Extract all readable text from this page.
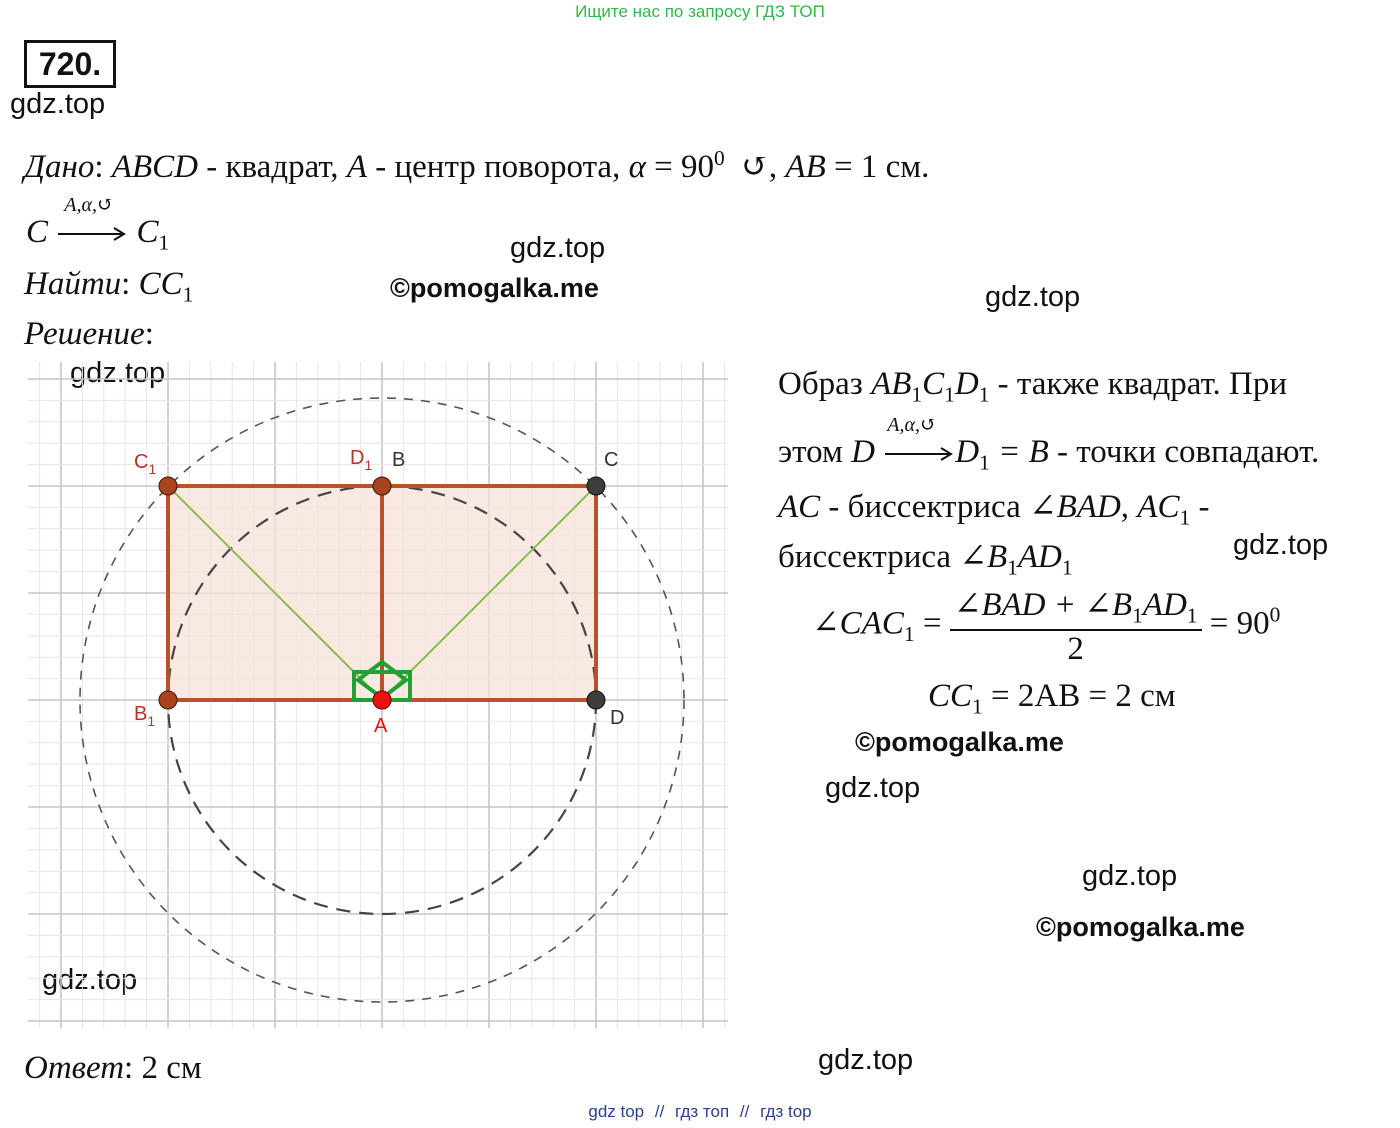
Ищите нас по запросу ГДЗ ТОП
720.
gdz.top
gdz.top
©pomogalka.me	gdz.top
gdz.top
gdz.top
©pomogalka.me
gdz.top
gdz.top
©pomogalka.me
gdz.top
gdz.top
Дано: ABCD - квадрат, A - центр поворота, $\alpha = 90^0$ ↺, AB = 1 см.
C
A,α,↺
$C_1$
Найти: $CC_1$
Решение:
$C_1$	$D_1$ B	C
$B_1$	A	D
Образ $AB_1C_1D_1$ - также квадрат. При
этом D
A,α,↺
$D_1 = B$ - точки совпадают.
AC - биссектриса ∠BAD, $AC_1$ -
биссектриса $\angle B_1AD_1$
$\angle CAC_1 = \frac{\angle BAD + \angle B_1AD_1}{2} = 90^0$
$CC_1 = 2AB = 2$ см
Ответ: 2 см
gdz top // гдз топ // гдз top
